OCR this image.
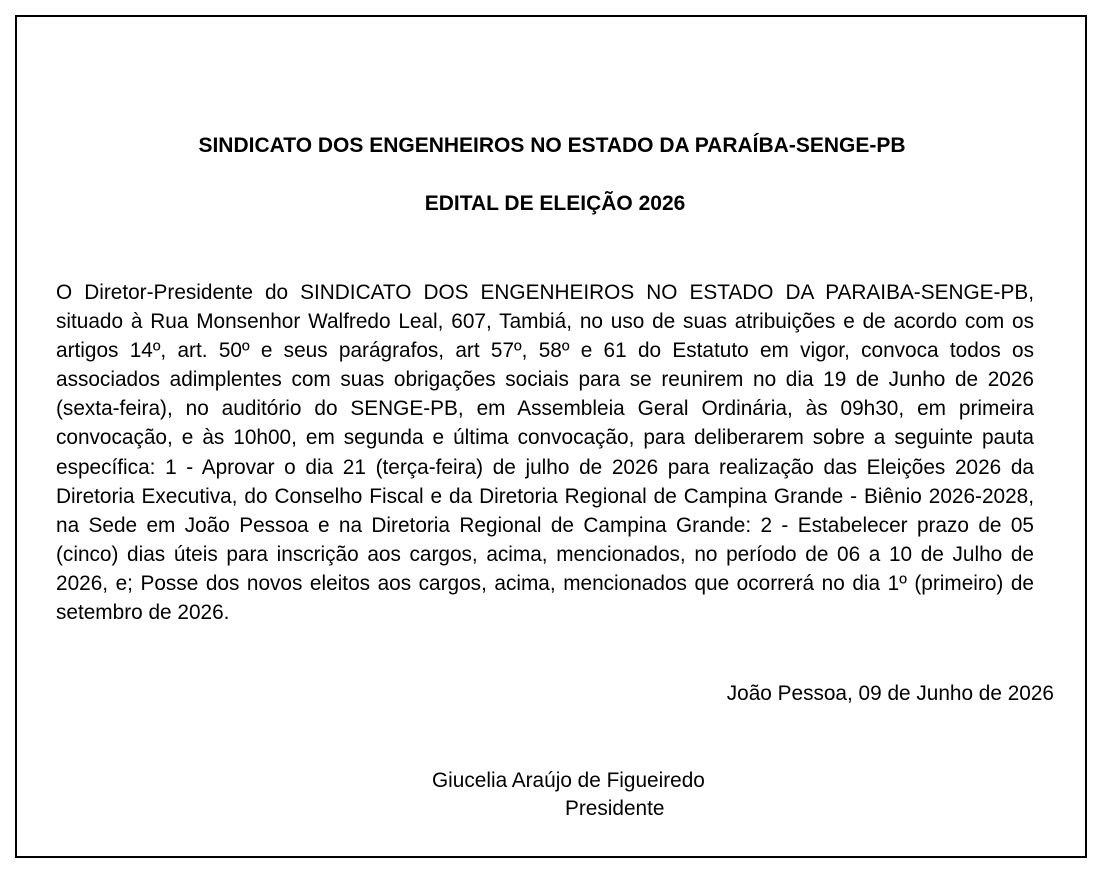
SINDICATO DOS ENGENHEIROS NO ESTADO DA PARAÍBA-SENGE-PB
EDITAL DE ELEIÇÃO 2026

O Diretor-Presidente do SINDICATO DOS ENGENHEIROS NO ESTADO DA PARAIBA-SENGE-PB, situado à Rua Monsenhor Walfredo Leal, 607, Tambiá, no uso de suas atribuições e de acordo com os artigos 14º, art. 50º e seus parágrafos, art 57º, 58º e 61 do Estatuto em vigor, convoca todos os associados adimplentes com suas obrigações sociais para se reunirem no dia 19 de Junho de 2026 (sexta-feira), no auditório do SENGE-PB, em Assembleia Geral Ordinária, às 09h30, em primeira convocação, e às 10h00, em segunda e última convocação, para deliberarem sobre a seguinte pauta específica: 1 - Aprovar o dia 21 (terça-feira) de julho de 2026 para realização das Eleições 2026 da Diretoria Executiva, do Conselho Fiscal e da Diretoria Regional de Campina Grande - Biênio 2026-2028, na Sede em João Pessoa e na Diretoria Regional de Campina Grande: 2 - Estabelecer prazo de 05 (cinco) dias úteis para inscrição aos cargos, acima, mencionados, no período de 06 a 10 de Julho de 2026, e; Posse dos novos eleitos aos cargos, acima, mencionados que ocorrerá no dia 1º (primeiro) de setembro de 2026.

João Pessoa, 09 de Junho de 2026

Giucelia Araújo de Figueiredo

Presidente
